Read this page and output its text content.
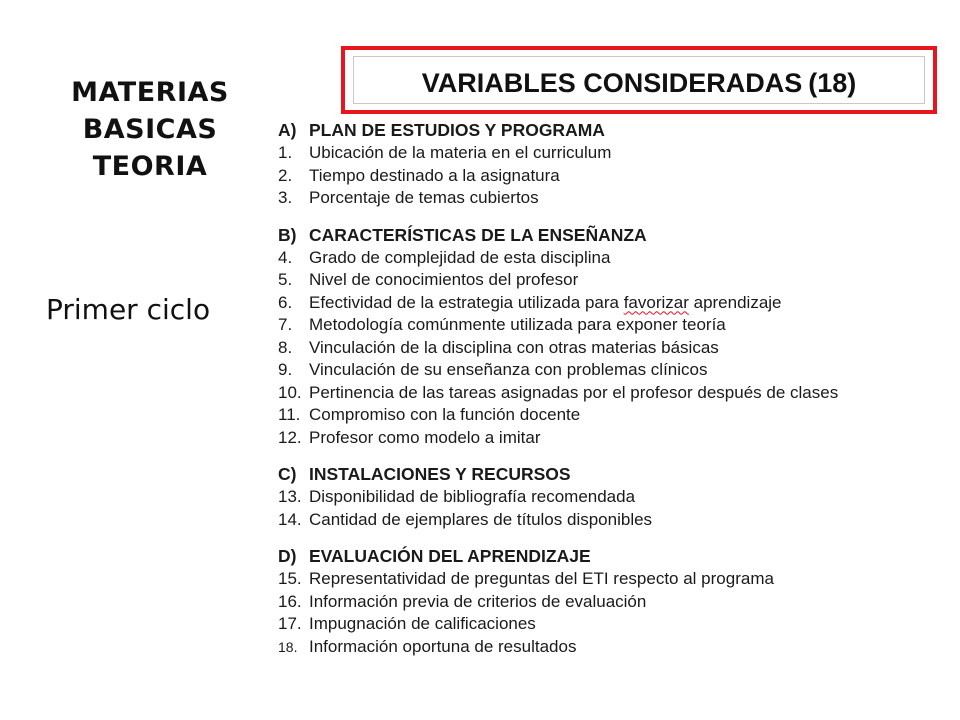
MATERIAS
BASICAS
TEORIA
Primer ciclo
VARIABLES CONSIDERADAS (18)
A) PLAN DE ESTUDIOS Y PROGRAMA
1. Ubicación de la materia en el curriculum
2. Tiempo destinado a la asignatura
3. Porcentaje de temas cubiertos
B) CARACTERÍSTICAS DE LA ENSEÑANZA
4. Grado de complejidad de esta disciplina
5. Nivel de conocimientos del profesor
6. Efectividad de la estrategia utilizada para favorizar aprendizaje
7. Metodología comúnmente utilizada para exponer teoría
8. Vinculación de la disciplina con otras materias básicas
9. Vinculación de su enseñanza con problemas clínicos
10. Pertinencia de las tareas asignadas por el profesor después de clases
11. Compromiso con la función docente
12. Profesor como modelo a imitar
C) INSTALACIONES Y RECURSOS
13. Disponibilidad de bibliografía recomendada
14. Cantidad de ejemplares de títulos disponibles
D) EVALUACIÓN DEL APRENDIZAJE
15. Representatividad de preguntas del ETI respecto al programa
16. Información previa de criterios de evaluación
17. Impugnación de calificaciones
18. Información oportuna de resultados
